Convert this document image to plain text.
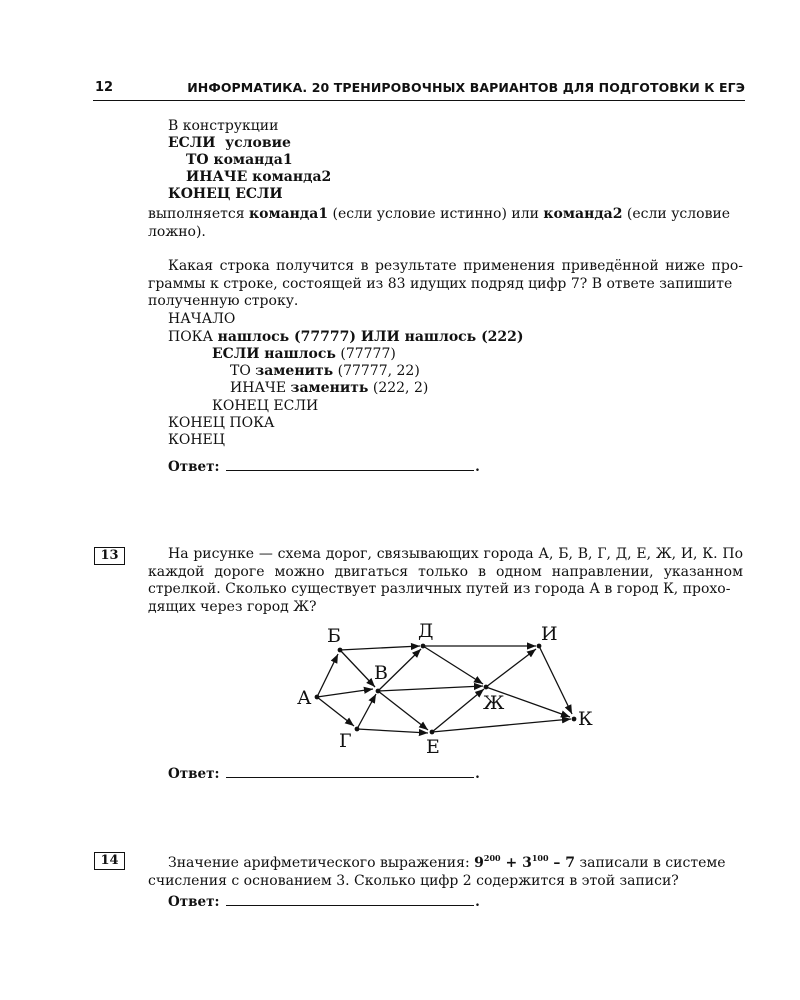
12	ИНФОРМАТИКА. 20 ТРЕНИРОВОЧНЫХ ВАРИАНТОВ ДЛЯ ПОДГОТОВКИ К ЕГЭ
В конструкции
ЕСЛИ условие
ТО команда1
ИНАЧЕ команда2
КОНЕЦ ЕСЛИ
выполняется команда1 (если условие истинно) или команда2 (если условие
ложно).
Какая строка получится в результате применения приведённой ниже про- граммы к строке, состоящей из 83 идущих подряд цифр 7? В ответе запишите
полученную строку.
НАЧАЛО
ПОКА нашлось (77777) ИЛИ нашлось (222)
ЕСЛИ нашлось (77777)
ТО заменить (77777, 22)
ИНАЧЕ заменить (222, 2)
КОНЕЦ ЕСЛИ
КОНЕЦ ПОКА
КОНЕЦ
Ответ:	.
13	На рисунке — схема дорог, связывающих города А, Б, В, Г, Д, Е, Ж, И, К. По каждой дороге можно двигаться только в одном направлении, указанном стрелкой. Сколько существует различных путей из города А в город К, прохо-
дящих через город Ж?
А
Б
В
Г
Д
Е
Ж
И
К
Ответ:	.
14	Значение арифметического выражения: $9^{200} + 3^{100} - 7$ записали в системе
счисления с основанием 3. Сколько цифр 2 содержится в этой записи?
Ответ:	.
